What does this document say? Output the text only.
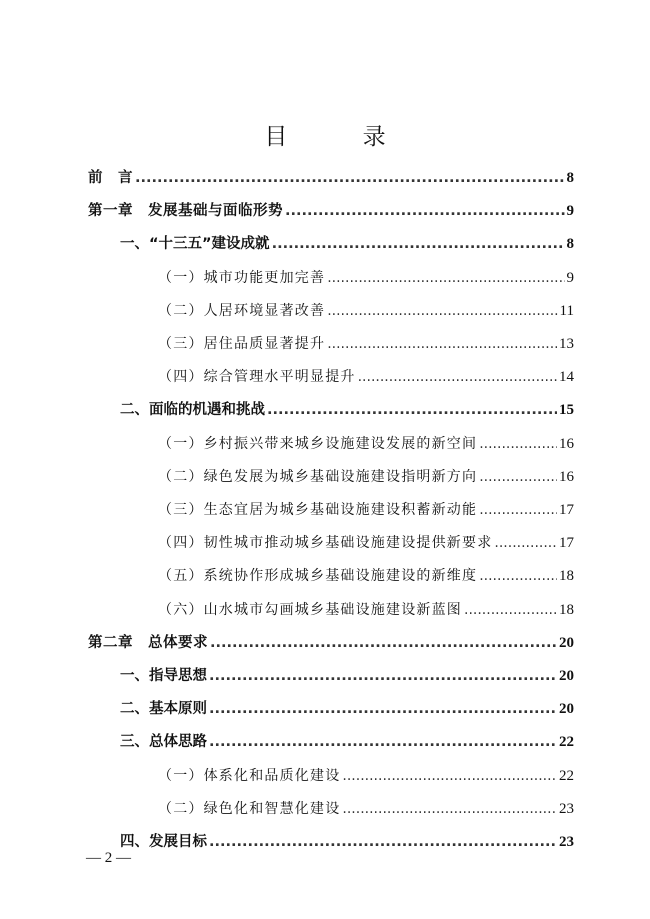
目 录
前　言 .....	8
第一章　发展基础与面临形势 .....	9
一、“十三五”建设成就 .....	8
（一）城市功能更加完善 .....	9
（二）人居环境显著改善 .....	11
（三）居住品质显著提升 .....	13
（四）综合管理水平明显提升 .....	14
二、面临的机遇和挑战 .....	15
（一）乡村振兴带来城乡设施建设发展的新空间 .....	16
（二）绿色发展为城乡基础设施建设指明新方向 .....	16
（三）生态宜居为城乡基础设施建设积蓄新动能 .....	17
（四）韧性城市推动城乡基础设施建设提供新要求 .....	17
（五）系统协作形成城乡基础设施建设的新维度 .....	18
（六）山水城市勾画城乡基础设施建设新蓝图 .....	18
第二章　总体要求 .....	20
一、指导思想 .....	20
二、基本原则 .....	20
三、总体思路 .....	22
（一）体系化和品质化建设 .....	22
（二）绿色化和智慧化建设 .....	23
四、发展目标 .....	23
— 2 —
